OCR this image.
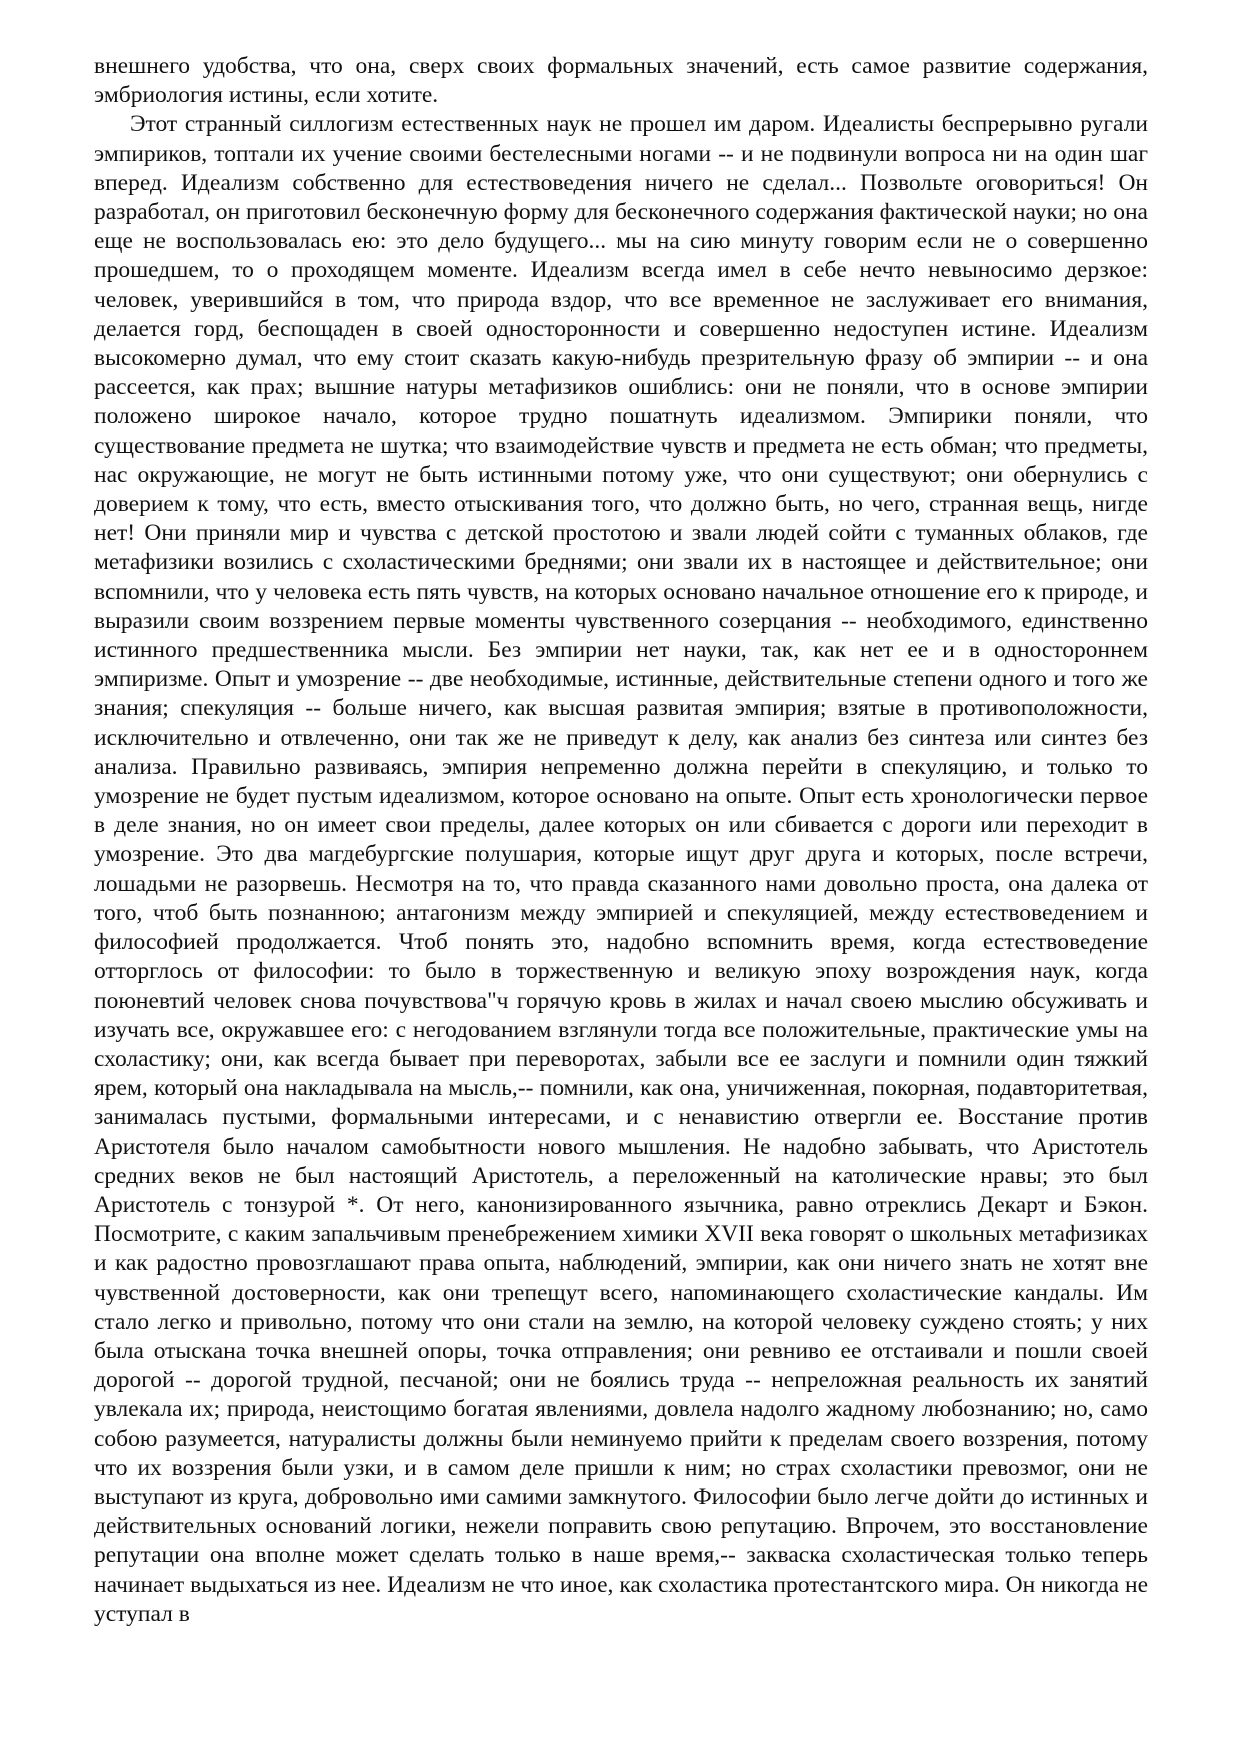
внешнего удобства, что она, сверх своих формальных значений, есть самое развитие содержания, эмбриология истины, если хотите.

Этот странный силлогизм естественных наук не прошел им даром. Идеалисты беспрерывно ругали эмпириков, топтали их учение своими бестелесными ногами -- и не подвинули вопроса ни на один шаг вперед. Идеализм собственно для естествоведения ничего не сделал... Позвольте оговориться! Он разработал, он приготовил бесконечную форму для бесконечного содержания фактической науки; но она еще не воспользовалась ею: это дело будущего... мы на сию минуту говорим если не о совершенно прошедшем, то о проходящем моменте. Идеализм всегда имел в себе нечто невыносимо дерзкое: человек, уверившийся в том, что природа вздор, что все временное не заслуживает его внимания, делается горд, беспощаден в своей односторонности и совершенно недоступен истине. Идеализм высокомерно думал, что ему стоит сказать какую-нибудь презрительную фразу об эмпирии -- и она рассеется, как прах; вышние натуры метафизиков ошиблись: они не поняли, что в основе эмпирии положено широкое начало, которое трудно пошатнуть идеализмом. Эмпирики поняли, что существование предмета не шутка; что взаимодействие чувств и предмета не есть обман; что предметы, нас окружающие, не могут не быть истинными потому уже, что они существуют; они обернулись с доверием к тому, что есть, вместо отыскивания того, что должно быть, но чего, странная вещь, нигде нет! Они приняли мир и чувства с детской простотою и звали людей сойти с туманных облаков, где метафизики возились с схоластическими бреднями; они звали их в настоящее и действительное; они вспомнили, что у человека есть пять чувств, на которых основано начальное отношение его к природе, и выразили своим воззрением первые моменты чувственного созерцания -- необходимого, единственно истинного предшественника мысли. Без эмпирии нет науки, так, как нет ее и в одностороннем эмпиризме. Опыт и умозрение -- две необходимые, истинные, действительные степени одного и того же знания; спекуляция -- больше ничего, как высшая развитая эмпирия; взятые в противоположности, исключительно и отвлеченно, они так же не приведут к делу, как анализ без синтеза или синтез без анализа. Правильно развиваясь, эмпирия непременно должна перейти в спекуляцию, и только то умозрение не будет пустым идеализмом, которое основано на опыте. Опыт есть хронологически первое в деле знания, но он имеет свои пределы, далее которых он или сбивается с дороги или переходит в умозрение. Это два магдебургские полушария, которые ищут друг друга и которых, после встречи, лошадьми не разорвешь. Несмотря на то, что правда сказанного нами довольно проста, она далека от того, чтоб быть познанною; антагонизм между эмпирией и спекуляцией, между естествоведением и философией продолжается. Чтоб понять это, надобно вспомнить время, когда естествоведение отторглось от философии: то было в торжественную и великую эпоху возрождения наук, когда поюневтий человек снова почувствова"ч горячую кровь в жилах и начал своею мыслию обсуживать и изучать все, окружавшее его: с негодованием взглянули тогда все положительные, практические умы на схоластику; они, как всегда бывает при переворотах, забыли все ее заслуги и помнили один тяжкий ярем, который она накладывала на мысль,-- помнили, как она, уничиженная, покорная, подавторитетвая, занималась пустыми, формальными интересами, и с ненавистию отвергли ее. Восстание против Аристотеля было началом самобытности нового мышления. Не надобно забывать, что Аристотель средних веков не был настоящий Аристотель, а переложенный на католические нравы; это был Аристотель с тонзурой *. От него, канонизированного язычника, равно отреклись Декарт и Бэкон. Посмотрите, с каким запальчивым пренебрежением химики XVII века говорят о школьных метафизиках и как радостно провозглашают права опыта, наблюдений, эмпирии, как они ничего знать не хотят вне чувственной достоверности, как они трепещут всего, напоминающего схоластические кандалы. Им стало легко и привольно, потому что они стали на землю, на которой человеку суждено стоять; у них была отыскана точка внешней опоры, точка отправления; они ревниво ее отстаивали и пошли своей дорогой -- дорогой трудной, песчаной; они не боялись труда -- непреложная реальность их занятий увлекала их; природа, неистощимо богатая явлениями, довлела надолго жадному любознанию; но, само собою разумеется, натуралисты должны были неминуемо прийти к пределам своего воззрения, потому что их воззрения были узки, и в самом деле пришли к ним; но страх схоластики превозмог, они не выступают из круга, добровольно ими самими замкнутого. Философии было легче дойти до истинных и действительных оснований логики, нежели поправить свою репутацию. Впрочем, это восстановление репутации она вполне может сделать только в наше время,-- закваска схоластическая только теперь начинает выдыхаться из нее. Идеализм не что иное, как схоластика протестантского мира. Он никогда не уступал в
